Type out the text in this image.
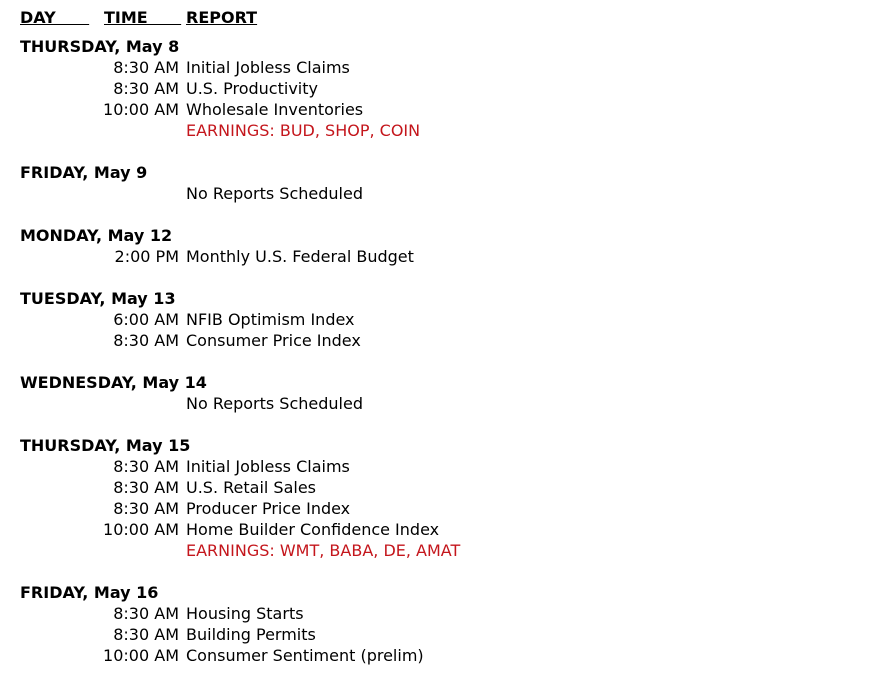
DAY TIME REPORT
THURSDAY, May 8
8:30 AM Initial Jobless Claims
8:30 AM U.S. Productivity
10:00 AM Wholesale Inventories
EARNINGS: BUD, SHOP, COIN
FRIDAY, May 9
No Reports Scheduled
MONDAY, May 12
2:00 PM Monthly U.S. Federal Budget
TUESDAY, May 13
6:00 AM NFIB Optimism Index
8:30 AM Consumer Price Index
WEDNESDAY, May 14
No Reports Scheduled
THURSDAY, May 15
8:30 AM Initial Jobless Claims
8:30 AM U.S. Retail Sales
8:30 AM Producer Price Index
10:00 AM Home Builder Confidence Index
EARNINGS: WMT, BABA, DE, AMAT
FRIDAY, May 16
8:30 AM Housing Starts
8:30 AM Building Permits
10:00 AM Consumer Sentiment (prelim)
